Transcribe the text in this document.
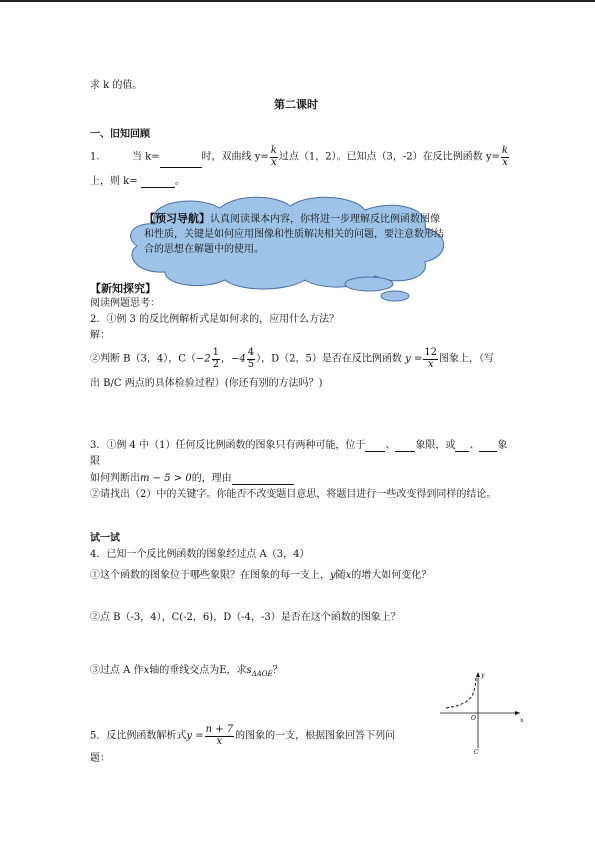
求 k 的值。
第二课时
一、旧知回顾
1.	当 k=	时，双曲线 $y= \frac{k}{x}$ 过点（1，2）。已知点（3，-2）在反比例函数 $y= \frac{k}{x}$
上，则 k=	。
【预习导航】认真阅读课本内容，你将进一步理解反比例函数图像和性质，关键是如何应用图像和性质解决相关的问题，要注意数形结合的思想在解题中的使用。
【新知探究】
阅读例题思考：
2．①例 3 的反比例解析式是如何求的，应用什么方法？
解：
②判断 B（3，4），$C(-2 \frac{1}{2}$ ，$-4 \frac{4}{5}$ ），D（2，5）是否在反比例函数 $y = \frac{12}{x}$ 图象上，（写
出 B/C 两点的具体检验过程）(你还有别的方法吗？)
3．①例 4 中（1）任何反比例函数的图象只有两种可能，位于 、 象限，或 、 象
限
如何判断出m − 5 > 0的，理由
②请找出（2）中的关键字。你能否不改变题目意思，将题目进行一些改变得到同样的结论。
试一试
4．已知一个反比例函数的图象经过点 A（3，4）
①这个函数的图象位于哪些象限？在图象的每一支上，y随x的增大如何变化？
②点 B（-3，4），C(-2，6)，D（-4，-3）是否在这个函数的图象上？
③过点 A 作x轴的垂线交点为E，求$s_{\Delta AOE}$？
5．反比例函数解析式$y = \frac{n + 7}{x}$ 的图象的一支，根据图象回答下列问
题：
y
x
O
C
